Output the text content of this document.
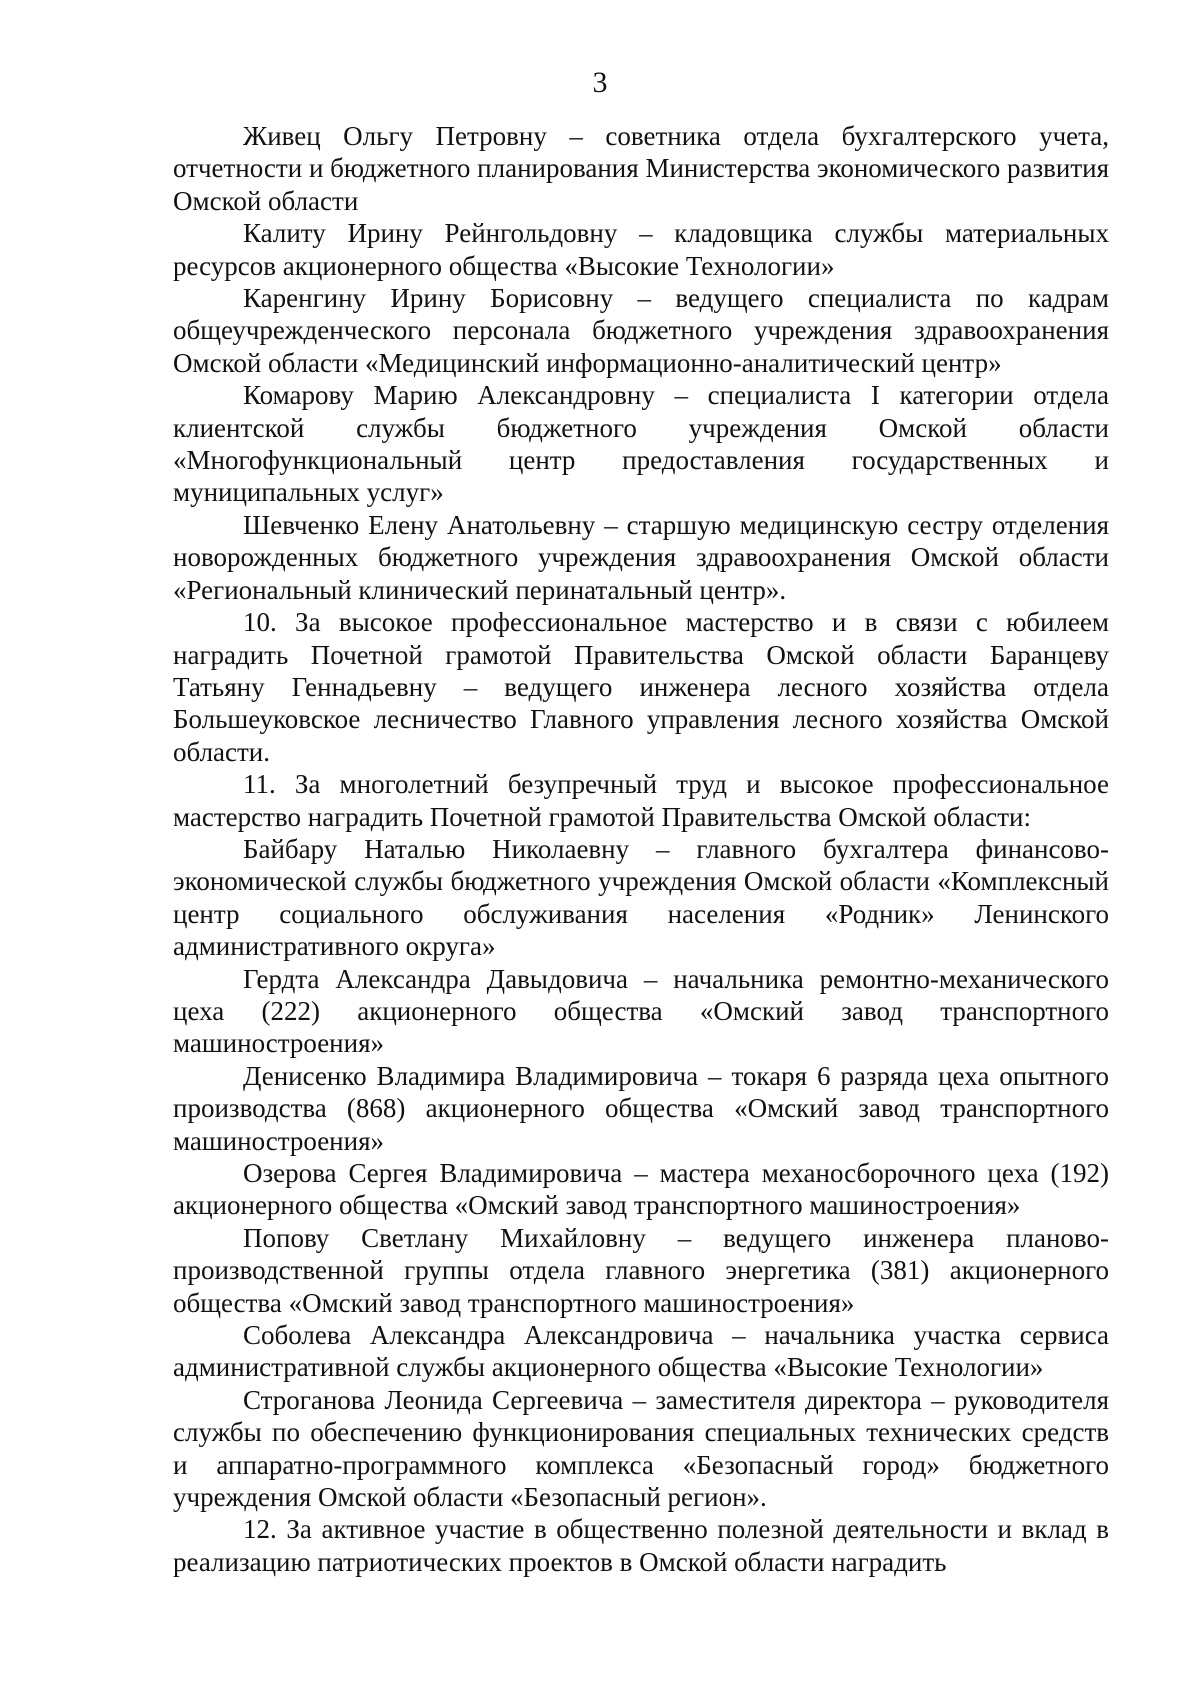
3

Живец Ольгу Петровну – советника отдела бухгалтерского учета, отчетности и бюджетного планирования Министерства экономического развития Омской области

Калиту Ирину Рейнгольдовну – кладовщика службы материальных ресурсов акционерного общества «Высокие Технологии»

Каренгину Ирину Борисовну – ведущего специалиста по кадрам общеучрежденческого персонала бюджетного учреждения здравоохранения Омской области «Медицинский информационно-аналитический центр»

Комарову Марию Александровну – специалиста I категории отдела клиентской службы бюджетного учреждения Омской области «Многофункциональный центр предоставления государственных и муниципальных услуг»

Шевченко Елену Анатольевну – старшую медицинскую сестру отделения новорожденных бюджетного учреждения здравоохранения Омской области «Региональный клинический перинатальный центр».

10. За высокое профессиональное мастерство и в связи с юбилеем наградить Почетной грамотой Правительства Омской области Баранцеву Татьяну Геннадьевну – ведущего инженера лесного хозяйства отдела Большеуковское лесничество Главного управления лесного хозяйства Омской области.

11. За многолетний безупречный труд и высокое профессиональное мастерство наградить Почетной грамотой Правительства Омской области:

Байбару Наталью Николаевну – главного бухгалтера финансово-экономической службы бюджетного учреждения Омской области «Комплексный центр социального обслуживания населения «Родник» Ленинского административного округа»

Гердта Александра Давыдовича – начальника ремонтно-механического цеха (222) акционерного общества «Омский завод транспортного машиностроения»

Денисенко Владимира Владимировича – токаря 6 разряда цеха опытного производства (868) акционерного общества «Омский завод транспортного машиностроения»

Озерова Сергея Владимировича – мастера механосборочного цеха (192) акционерного общества «Омский завод транспортного машиностроения»

Попову Светлану Михайловну – ведущего инженера планово-производственной группы отдела главного энергетика (381) акционерного общества «Омский завод транспортного машиностроения»

Соболева Александра Александровича – начальника участка сервиса административной службы акционерного общества «Высокие Технологии»

Строганова Леонида Сергеевича – заместителя директора – руководителя службы по обеспечению функционирования специальных технических средств и аппаратно-программного комплекса «Безопасный город» бюджетного учреждения Омской области «Безопасный регион».

12. За активное участие в общественно полезной деятельности и вклад в реализацию патриотических проектов в Омской области наградить
